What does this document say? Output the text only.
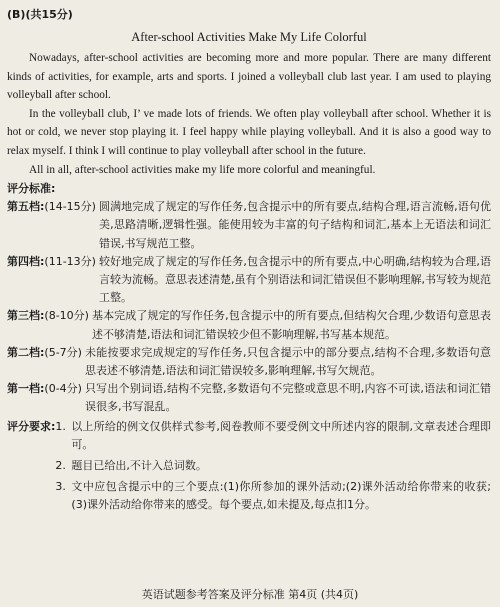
(B)(共15分)
After-school Activities Make My Life Colorful

Nowadays, after-school activities are becoming more and more popular. There are many different kinds of activities, for example, arts and sports. I joined a volleyball club last year. I am used to playing volleyball after school.

In the volleyball club, I’ ve made lots of friends. We often play volleyball after school. Whether it is hot or cold, we never stop playing it. I feel happy while playing volleyball. And it is also a good way to relax myself. I think I will continue to play volleyball after school in the future.

All in all, after-school activities make my life more colorful and meaningful.

评分标准:
第五档:(14-15分) 圆满地完成了规定的写作任务,包含提示中的所有要点,结构合理,语言流畅,语句优美,思路清晰,逻辑性强。能使用较为丰富的句子结构和词汇,基本上无语法和词汇错误,书写规范工整。
第四档:(11-13分) 较好地完成了规定的写作任务,包含提示中的所有要点,中心明确,结构较为合理,语言较为流畅。意思表述清楚,虽有个别语法和词汇错误但不影响理解,书写较为规范工整。
第三档:(8-10分) 基本完成了规定的写作任务,包含提示中的所有要点,但结构欠合理,少数语句意思表述不够清楚,语法和词汇错误较少但不影响理解,书写基本规范。
第二档:(5-7分) 未能按要求完成规定的写作任务,只包含提示中的部分要点,结构不合理,多数语句意思表述不够清楚,语法和词汇错误较多,影响理解,书写欠规范。
第一档:(0-4分) 只写出个别词语,结构不完整,多数语句不完整或意思不明,内容不可读,语法和词汇错误很多,书写混乱。
评分要求: 1. 以上所给的例文仅供样式参考,阅卷教师不要受例文中所述内容的限制,文章表述合理即可。
2. 题目已给出,不计入总词数。
3. 文中应包含提示中的三个要点:(1)你所参加的课外活动;(2)课外活动给你带来的收获;(3)课外活动给你带来的感受。每个要点,如未提及,每点扣1分。
英语试题参考答案及评分标准 第4页 (共4页)
